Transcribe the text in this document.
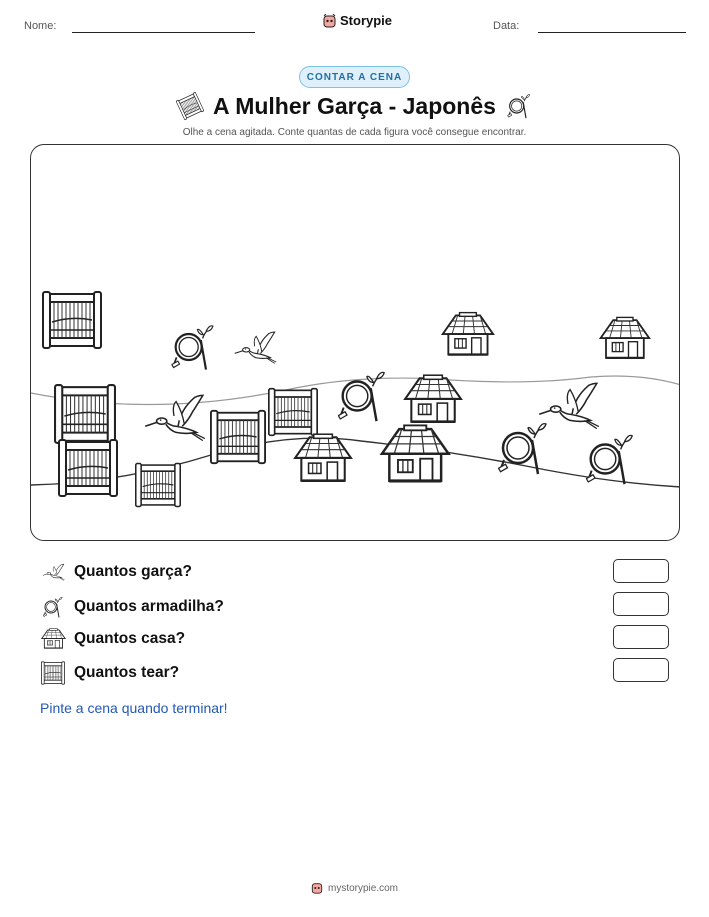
Nome:	Storypie	Data:
CONTAR A CENA
A Mulher Garça - Japonês
Olhe a cena agitada. Conte quantas de cada figura você consegue encontrar.
Quantos garça?
Quantos armadilha?
Quantos casa?
Quantos tear?
Pinte a cena quando terminar!
mystorypie.com
